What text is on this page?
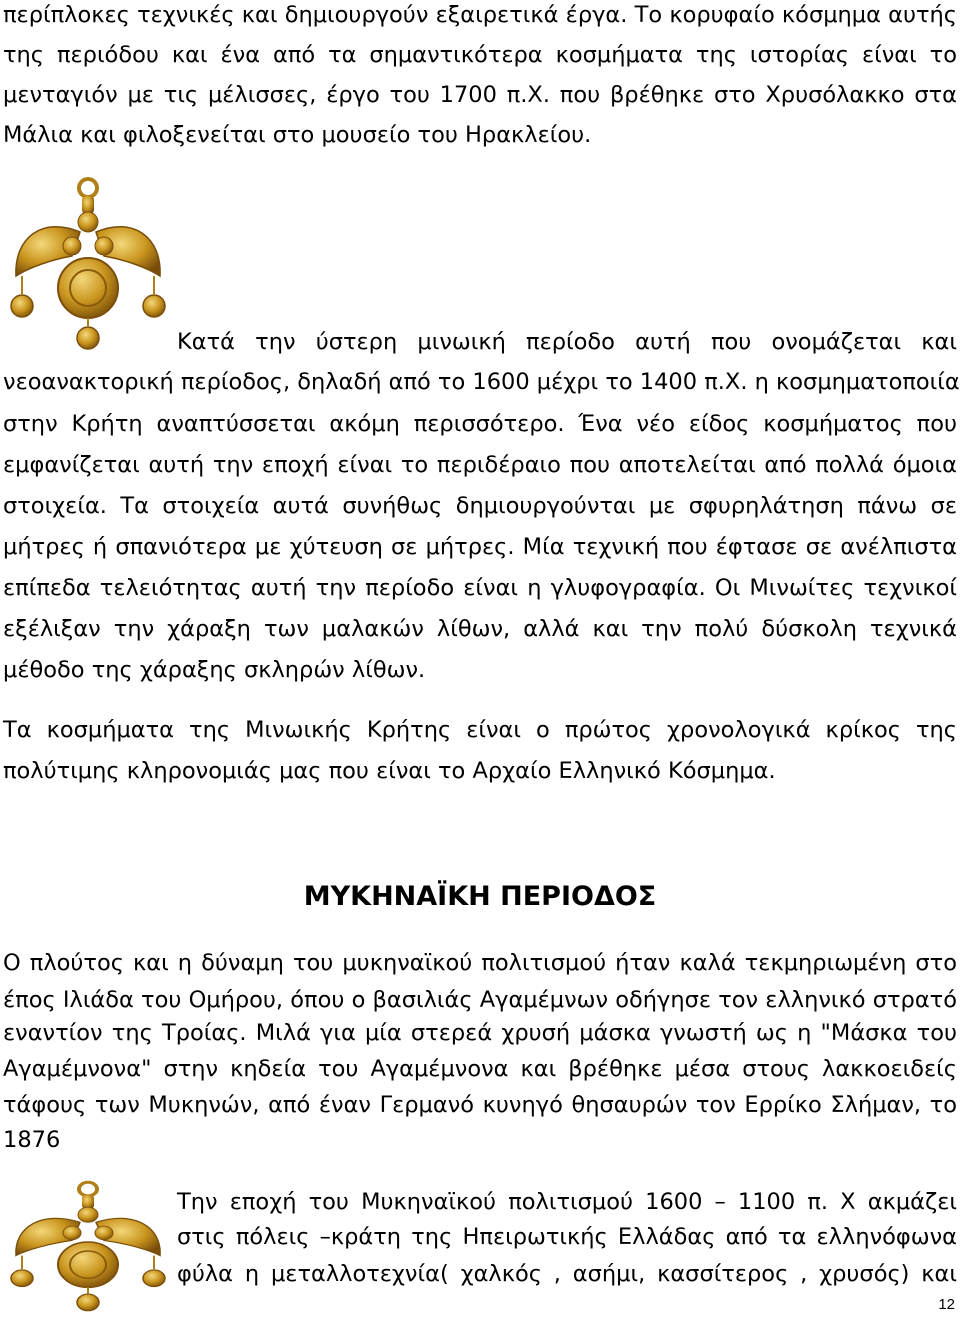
περίπλοκες τεχνικές και δημιουργούν εξαιρετικά έργα. Το κορυφαίο κόσμημα αυτής
της περιόδου και ένα από τα σημαντικότερα κοσμήματα της ιστορίας είναι το
μενταγιόν με τις μέλισσες, έργο του 1700 π.Χ. που βρέθηκε στο Χρυσόλακκο στα
Μάλια και φιλοξενείται στο μουσείο του Ηρακλείου.
Κατά την ύστερη μινωική περίοδο αυτή που ονομάζεται και
νεοανακτορική περίοδος, δηλαδή από το 1600 μέχρι το 1400 π.Χ. η κοσμηματοποιία
στην Κρήτη αναπτύσσεται ακόμη περισσότερο. Ένα νέο είδος κοσμήματος που
εμφανίζεται αυτή την εποχή είναι το περιδέραιο που αποτελείται από πολλά όμοια
στοιχεία. Τα στοιχεία αυτά συνήθως δημιουργούνται με σφυρηλάτηση πάνω σε
μήτρες ή σπανιότερα με χύτευση σε μήτρες. Μία τεχνική που έφτασε σε ανέλπιστα
επίπεδα τελειότητας αυτή την περίοδο είναι η γλυφογραφία. Οι Μινωίτες τεχνικοί
εξέλιξαν την χάραξη των μαλακών λίθων, αλλά και την πολύ δύσκολη τεχνικά
μέθοδο της χάραξης σκληρών λίθων.
Τα κοσμήματα της Μινωικής Κρήτης είναι ο πρώτος χρονολογικά κρίκος της
πολύτιμης κληρονομιάς μας που είναι το Αρχαίο Ελληνικό Κόσμημα.
ΜΥΚΗΝΑΪΚΗ ΠΕΡΙΟΔΟΣ
Ο πλούτος και η δύναμη του μυκηναϊκού πολιτισμού ήταν καλά τεκμηριωμένη στο
έπος Ιλιάδα του Ομήρου, όπου ο βασιλιάς Αγαμέμνων οδήγησε τον ελληνικό στρατό
εναντίον της Τροίας. Μιλά για μία στερεά χρυσή μάσκα γνωστή ως η "Μάσκα του
Αγαμέμνονα" στην κηδεία του Αγαμέμνονα και βρέθηκε μέσα στους λακκοειδείς
τάφους των Μυκηνών, από έναν Γερμανό κυνηγό θησαυρών τον Ερρίκο Σλήμαν, το
1876
Την εποχή του Μυκηναϊκού πολιτισμού 1600 – 1100 π. Χ ακμάζει
στις πόλεις –κράτη της Ηπειρωτικής Ελλάδας από τα ελληνόφωνα
φύλα η μεταλλοτεχνία( χαλκός , ασήμι, κασσίτερος , χρυσός) και
12
